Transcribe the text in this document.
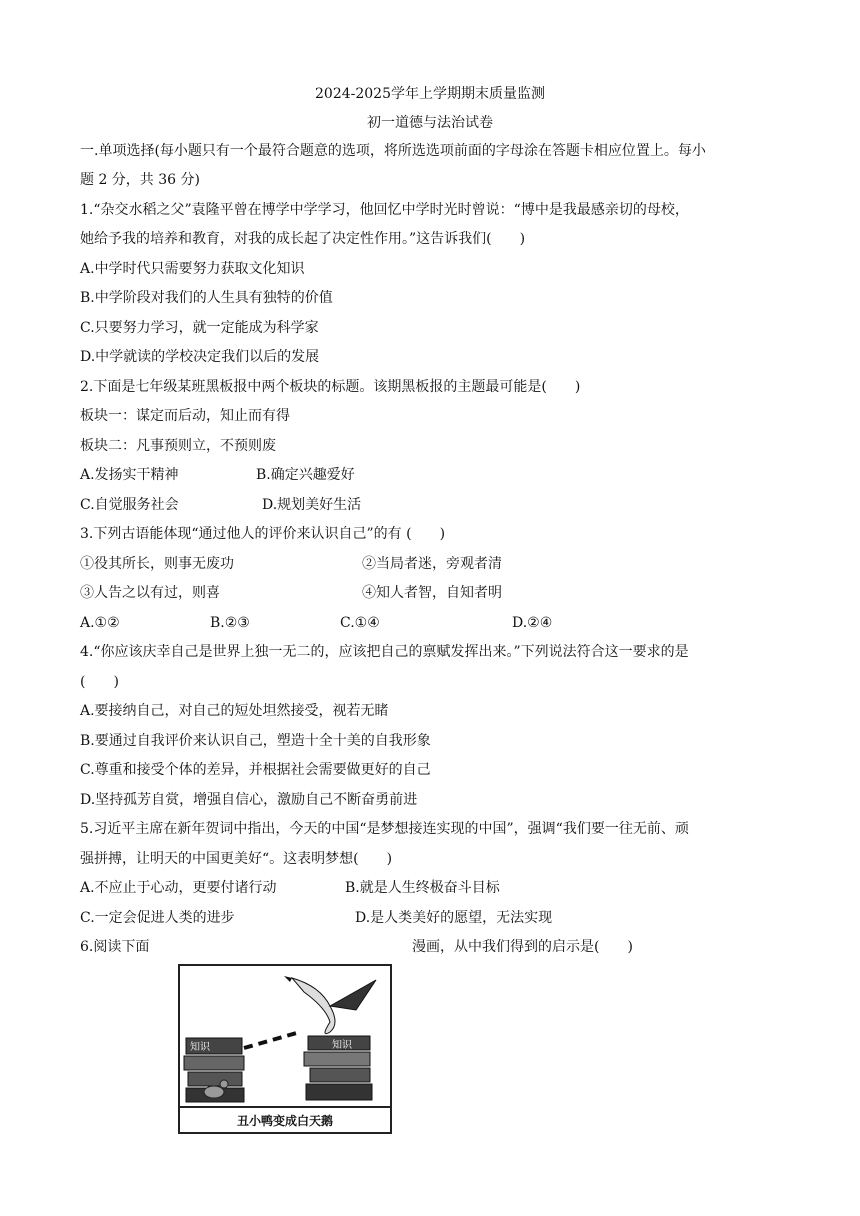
2024-2025学年上学期期末质量监测
初一道德与法治试卷
一.单项选择(每小题只有一个最符合题意的选项，将所选选项前面的字母涂在答题卡相应位置上。每小
题 2 分，共 36 分)
1.“杂交水稻之父”袁隆平曾在博学中学学习，他回忆中学时光时曾说：“博中是我最感亲切的母校，
她给予我的培养和教育，对我的成长起了决定性作用。”这告诉我们(　　)
A.中学时代只需要努力获取文化知识
B.中学阶段对我们的人生具有独特的价值
C.只要努力学习，就一定能成为科学家
D.中学就读的学校决定我们以后的发展
2.下面是七年级某班黑板报中两个板块的标题。该期黑板报的主题最可能是(　　)
板块一：谋定而后动，知止而有得
板块二：凡事预则立，不预则废
A.发扬实干精神	B.确定兴趣爱好
C.自觉服务社会	D.规划美好生活
3.下列古语能体现“通过他人的评价来认识自己”的有 (　　)
①役其所长，则事无废功	②当局者迷，旁观者清
③人告之以有过，则喜	④知人者智，自知者明
A.①②	B.②③	C.①④	D.②④
4.“你应该庆幸自己是世界上独一无二的，应该把自己的禀赋发挥出来。”下列说法符合这一要求的是
(　　)
A.要接纳自己，对自己的短处坦然接受，视若无睹
B.要通过自我评价来认识自己，塑造十全十美的自我形象
C.尊重和接受个体的差异，并根据社会需要做更好的自己
D.坚持孤芳自赏，增强自信心，激励自己不断奋勇前进
5.习近平主席在新年贺词中指出，今天的中国“是梦想接连实现的中国”，强调“我们要一往无前、顽
强拼搏，让明天的中国更美好“。这表明梦想(　　)
A.不应止于心动，更要付诸行动	B.就是人生终极奋斗目标
C.一定会促进人类的进步	D.是人类美好的愿望，无法实现
6.阅读下面	漫画，从中我们得到的启示是(　　)
知识	知识
丑小鸭变成白天鹅
